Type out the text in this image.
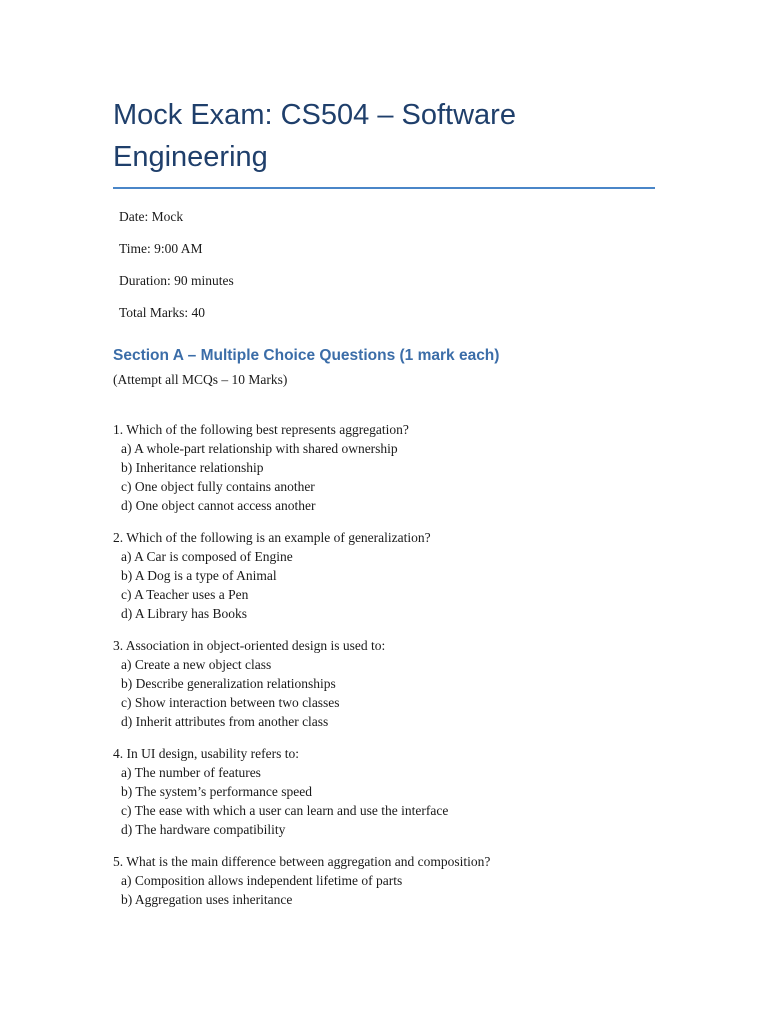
Mock Exam: CS504 – Software Engineering
Date: Mock
Time: 9:00 AM
Duration: 90 minutes
Total Marks: 40
Section A – Multiple Choice Questions (1 mark each)
(Attempt all MCQs – 10 Marks)
1. Which of the following best represents aggregation?
a) A whole-part relationship with shared ownership
b) Inheritance relationship
c) One object fully contains another
d) One object cannot access another
2. Which of the following is an example of generalization?
a) A Car is composed of Engine
b) A Dog is a type of Animal
c) A Teacher uses a Pen
d) A Library has Books
3. Association in object-oriented design is used to:
a) Create a new object class
b) Describe generalization relationships
c) Show interaction between two classes
d) Inherit attributes from another class
4. In UI design, usability refers to:
a) The number of features
b) The system’s performance speed
c) The ease with which a user can learn and use the interface
d) The hardware compatibility
5. What is the main difference between aggregation and composition?
a) Composition allows independent lifetime of parts
b) Aggregation uses inheritance
